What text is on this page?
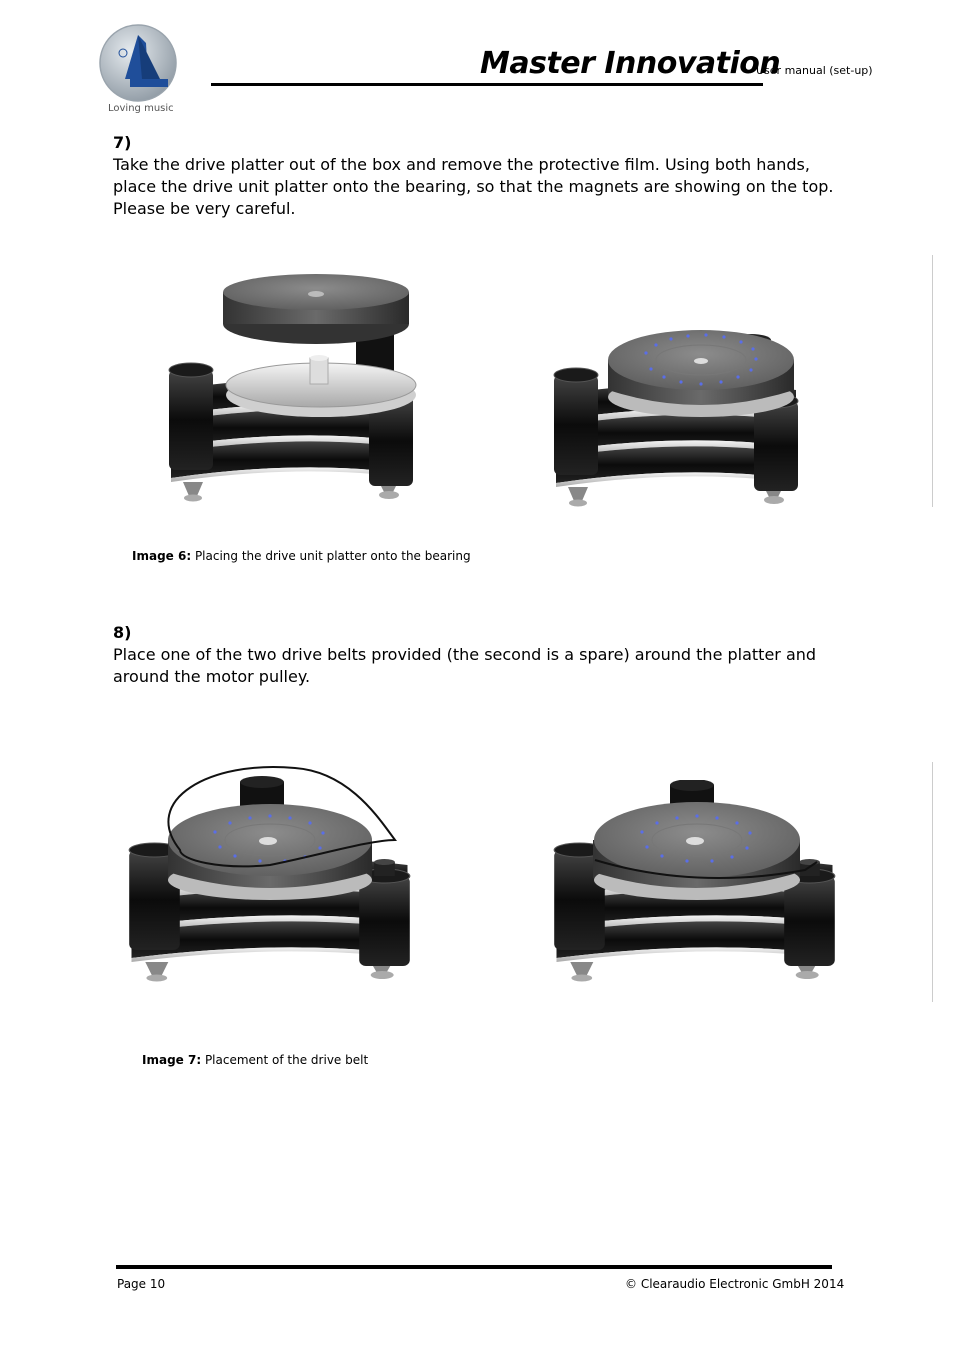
Loving music
Master Innovation
User manual (set-up)
7)
Take the drive platter out of the box and remove the protective film. Using both hands, place the drive unit platter onto the bearing, so that the magnets are showing on the top. Please be very careful.
Image 6: Placing the drive unit platter onto the bearing
8)
Place one of the two drive belts provided (the second is a spare) around the platter and around the motor pulley.
Image 7: Placement of the drive belt
Page 10	© Clearaudio Electronic GmbH 2014
